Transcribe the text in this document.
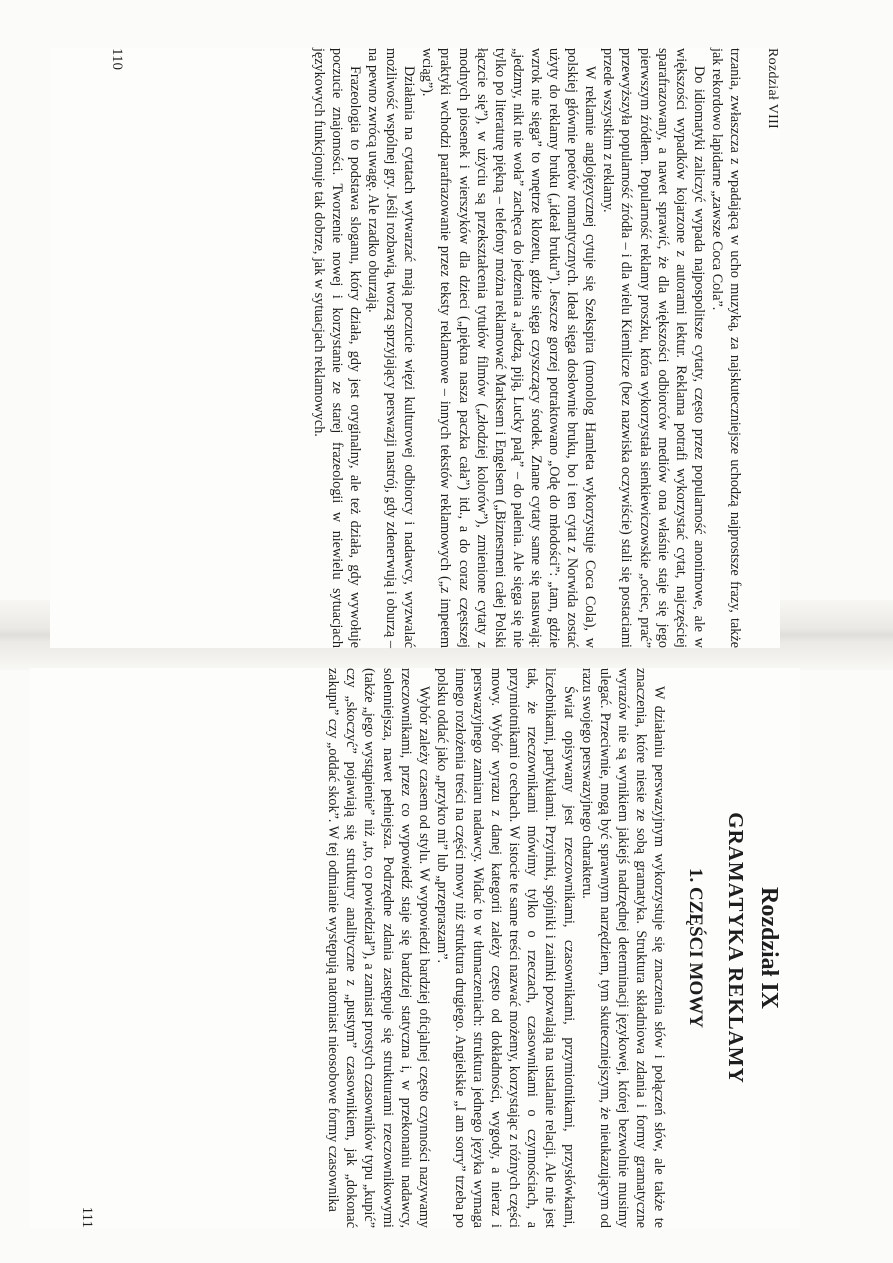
Rozdział VIII

trzania, zwłaszcza z wpadającą w ucho muzyką, za najskuteczniejsze uchodzą najprostsze frazy, także jak rekordowo lapidarne „zawsze Coca Cola”.

Do idiomatyki zaliczyć wypada najpospolitsze cytaty, często przez popularność anonimowe, ale w większości wypadków kojarzone z autorami lektur. Reklama potrafi wykorzystać cytat, najczęściej sparafrazowany, a nawet sprawić, że dla większości odbiorców mediów ona właśnie staje się jego pierwszym źródłem. Popularność reklamy proszku, która wykorzystała sienkiewiczowskie „ociec, prać” przewyższyła popularność źródła – i dla wielu Kiemlicze (bez nazwiska oczywiście) stali się postaciami przede wszystkim z reklamy.

W reklamie anglojęzycznej cytuje się Szekspira (monolog Hamleta wykorzystuje Coca Cola), w polskiej głównie poetów romantycznych. Ideał sięga dosłownie bruku, bo i ten cytat z Norwida zostać użyty do reklamy bruku („ideał bruku”). Jeszcze gorzej potraktowano „Odę do młodości”: „tam, gdzie wzrok nie sięga” to wnętrze klozetu, gdzie sięga czyszczący środek. Znane cytaty same się nasuwają: „jedzmy, nikt nie woła” zachęca do jedzenia a „jedzą, piją, Lucky palą” – do palenia. Ale sięga się nie tylko po literaturę piękną – telefony można reklamować Marksem i Engelsem („Biznesmeni całej Polski łączcie się”), w użyciu są przekształcenia tytułów filmów („złodziej kolorów”), zmienione cytaty z modnych piosenek i wierszyków dla dzieci („piękna nasza paczka cała”) itd., a do coraz częstszej praktyki wchodzi parafrazowanie przez teksty reklamowe – innych tekstów reklamowych („z impetem wciąg”).

Działania na cytatach wytwarzać mają poczucie więzi kulturowej odbiorcy i nadawcy, wyzwalać możliwość wspólnej gry. Jeśli rozbawią, tworzą sprzyjający perswazji nastrój, gdy zdenerwują i oburzą – na pewno zwrócą uwagę. Ale rzadko oburzają.

Frazeologia to podstawa sloganu, który działa, gdy jest oryginalny, ale też działa, gdy wywołuje poczucie znajomości. Tworzenie nowej i korzystanie ze starej frazeologii w niewielu sytuacjach językowych funkcjonuje tak dobrze, jak w sytuacjach reklamowych.

110
Rozdział IX
GRAMATYKA REKLAMY
1. CZĘŚCI MOWY

W działaniu perswazyjnym wykorzystuje się znaczenia słów i połączeń słów, ale także te znaczenia, które niesie ze sobą gramatyka. Struktura składniowa zdania i formy gramatyczne wyrazów nie są wynikiem jakiejś nadrzędnej determinacji językowej, której bezwolnie musimy ulegać. Przeciwnie, mogą być sprawnym narzędziem, tym skuteczniejszym, że nieukazującym od razu swojego perswazyjnego charakteru.

Świat opisywany jest rzeczownikami, czasownikami, przymiotnikami, przysłówkami, liczebnikami, partykułami. Przyimki, spójniki i zaimki pozwalają na ustalanie relacji. Ale nie jest tak, że rzeczownikami mówimy tylko o rzeczach, czasownikami o czynnościach, a przymiotnikami o cechach. W istocie te same treści nazwać możemy, korzystając z różnych części mowy. Wybór wyrazu z danej kategorii zależy często od dokładności, wygody, a nieraz i perswazyjnego zamiaru nadawcy. Widać to w tłumaczeniach: struktura jednego języka wymaga innego rozłożenia treści na części mowy niż struktura drugiego. Angielskie „I am sorry” trzeba po polsku oddać jako „przykro mi” lub „przepraszam”.

Wybór zależy czasem od stylu. W wypowiedzi bardziej oficjalnej często czynności nazywamy rzeczownikami, przez co wypowiedź staje się bardziej statyczna i, w przekonaniu nadawcy, solenniejsza, nawet pełniejsza. Podrzędne zdania zastępuje się strukturami rzeczownikowymi (także „jego wystąpienie” niż „to, co powiedział”), a zamiast prostych czasowników typu „kupić” czy „skoczyć” pojawiają się struktury analityczne z „pustym” czasownikiem, jak „dokonać zakupu” czy „oddać skok”. W tej odmianie występują natomiast nieosobowe formy czasownika

111
